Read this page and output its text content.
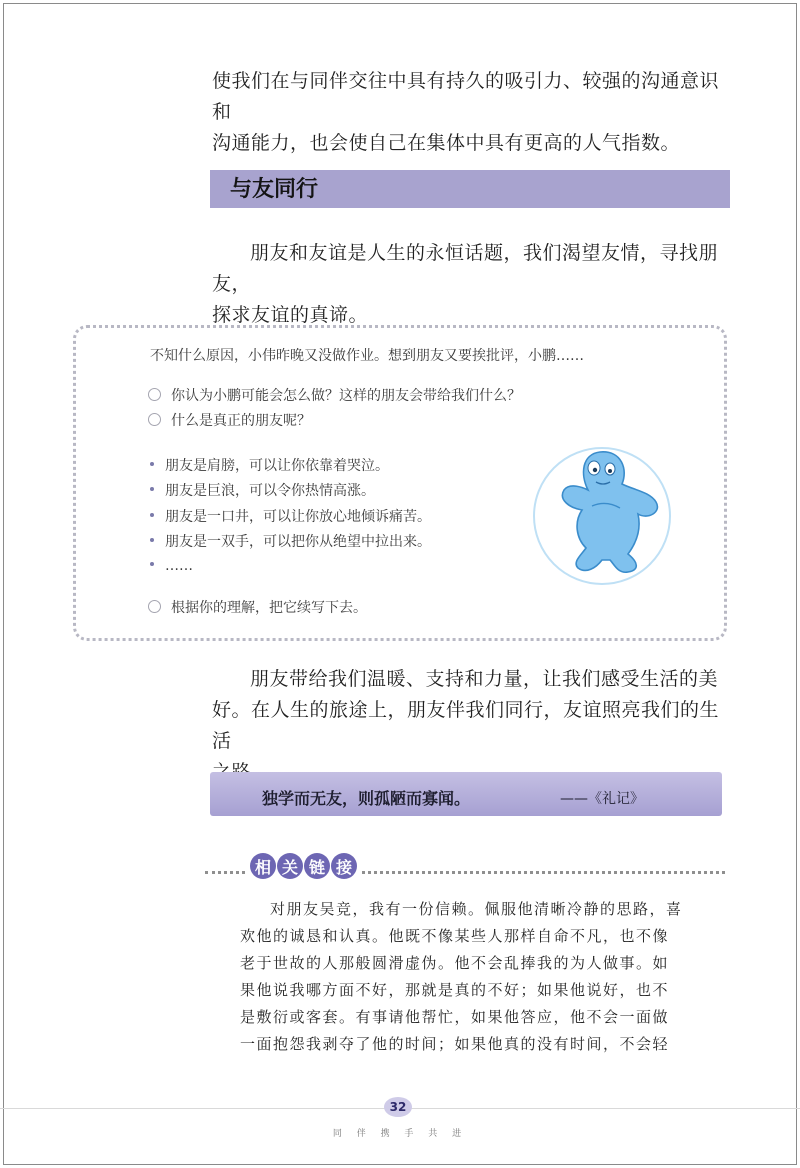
使我们在与同伴交往中具有持久的吸引力、较强的沟通意识和
沟通能力，也会使自己在集体中具有更高的人气指数。
与友同行
朋友和友谊是人生的永恒话题，我们渴望友情，寻找朋友，
探求友谊的真谛。
不知什么原因，小伟昨晚又没做作业。想到朋友又要挨批评，小鹏……
你认为小鹏可能会怎么做？这样的朋友会带给我们什么？
什么是真正的朋友呢？
朋友是肩膀，可以让你依靠着哭泣。
朋友是巨浪，可以令你热情高涨。
朋友是一口井，可以让你放心地倾诉痛苦。
朋友是一双手，可以把你从绝望中拉出来。
……
根据你的理解，把它续写下去。
朋友带给我们温暖、支持和力量，让我们感受生活的美
好。在人生的旅途上，朋友伴我们同行，友谊照亮我们的生活
独学而无友，则孤陋而寡闻。	——《礼记》
相 关 链 接
对朋友吴竞，我有一份信赖。佩服他清晰冷静的思路，喜
欢他的诚恳和认真。他既不像某些人那样自命不凡，也不像
老于世故的人那般圆滑虚伪。他不会乱捧我的为人做事。如
果他说我哪方面不好，那就是真的不好；如果他说好，也不
是敷衍或客套。有事请他帮忙，如果他答应，他不会一面做
一面抱怨我剥夺了他的时间；如果他真的没有时间，不会轻
32
同 伴 携 手 共 进
